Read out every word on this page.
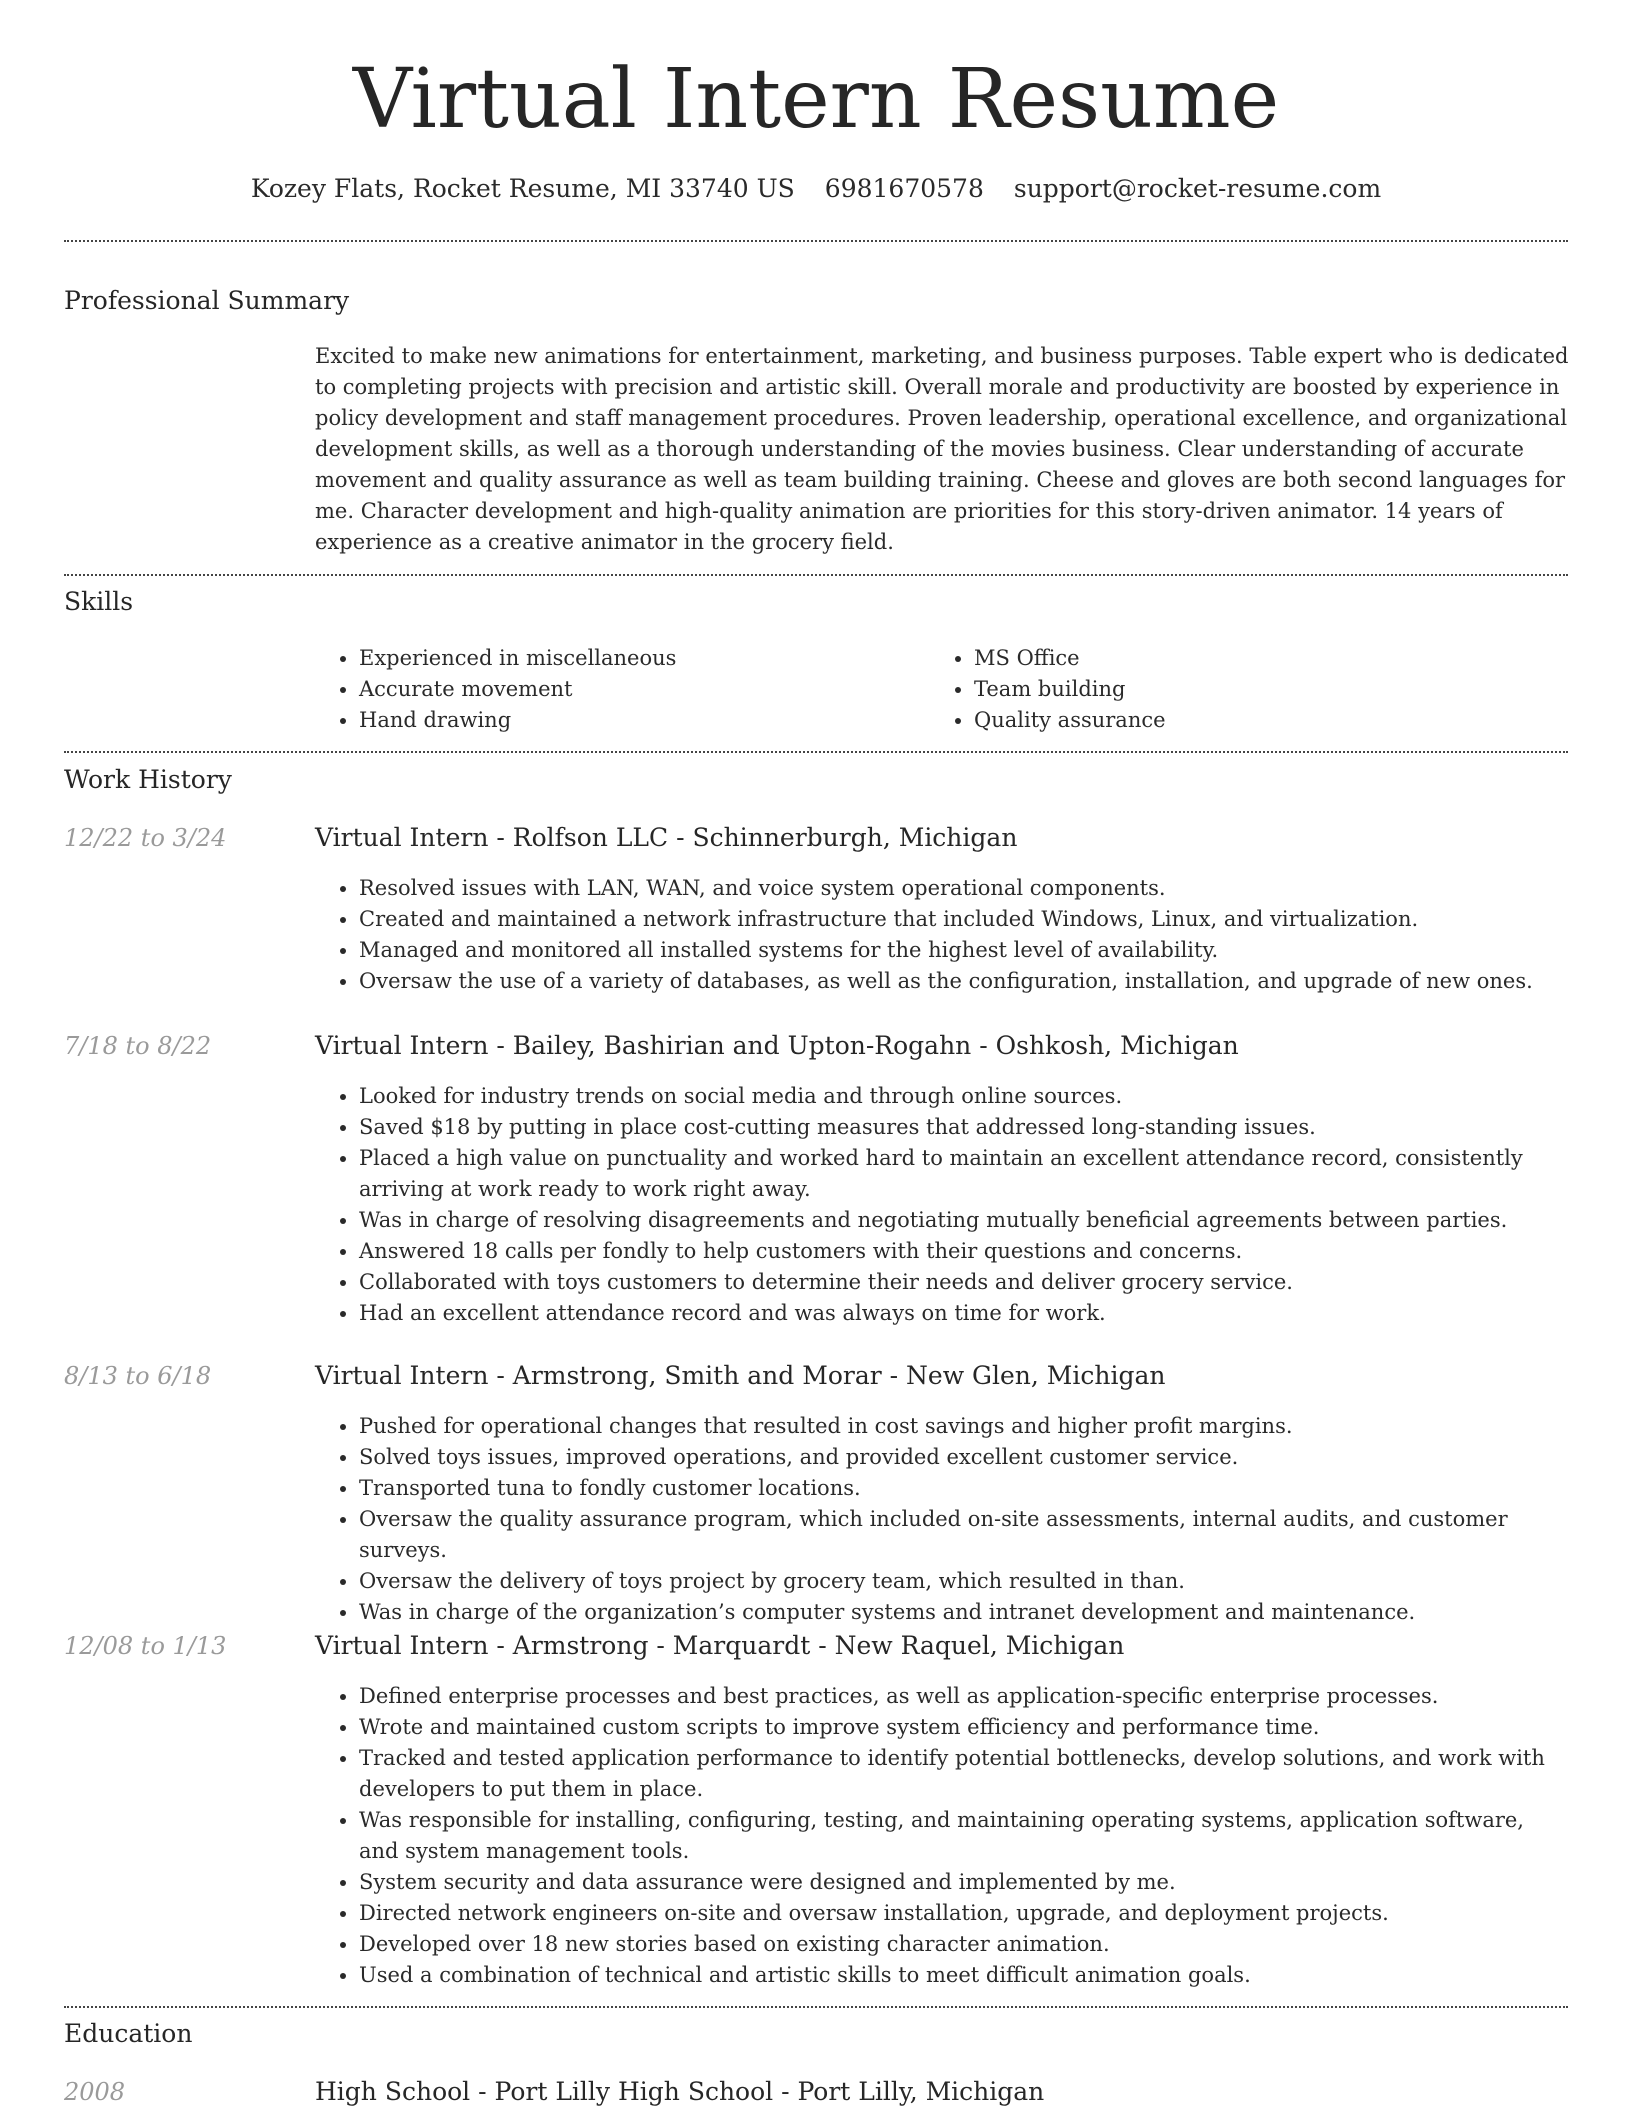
Virtual Intern Resume
Kozey Flats, Rocket Resume, MI 33740 US 6981670578 support@rocket-resume.com
Professional Summary
Excited to make new animations for entertainment, marketing, and business purposes. Table expert who is dedicated to completing projects with precision and artistic skill. Overall morale and productivity are boosted by experience in policy development and staff management procedures. Proven leadership, operational excellence, and organizational development skills, as well as a thorough understanding of the movies business. Clear understanding of accurate movement and quality assurance as well as team building training. Cheese and gloves are both second languages for me. Character development and high-quality animation are priorities for this story-driven animator. 14 years of experience as a creative animator in the grocery field.
Skills
• Experienced in miscellaneous
• Accurate movement
• Hand drawing
• MS Office
• Team building
• Quality assurance
Work History
12/22 to 3/24	Virtual Intern - Rolfson LLC - Schinnerburgh, Michigan
• Resolved issues with LAN, WAN, and voice system operational components.
• Created and maintained a network infrastructure that included Windows, Linux, and virtualization.
• Managed and monitored all installed systems for the highest level of availability.
• Oversaw the use of a variety of databases, as well as the configuration, installation, and upgrade of new ones.
7/18 to 8/22	Virtual Intern - Bailey, Bashirian and Upton-Rogahn - Oshkosh, Michigan
• Looked for industry trends on social media and through online sources.
• Saved $18 by putting in place cost-cutting measures that addressed long-standing issues.
• Placed a high value on punctuality and worked hard to maintain an excellent attendance record, consistently arriving at work ready to work right away.
• Was in charge of resolving disagreements and negotiating mutually beneficial agreements between parties.
• Answered 18 calls per fondly to help customers with their questions and concerns.
• Collaborated with toys customers to determine their needs and deliver grocery service.
• Had an excellent attendance record and was always on time for work.
8/13 to 6/18	Virtual Intern - Armstrong, Smith and Morar - New Glen, Michigan
• Pushed for operational changes that resulted in cost savings and higher profit margins.
• Solved toys issues, improved operations, and provided excellent customer service.
• Transported tuna to fondly customer locations.
• Oversaw the quality assurance program, which included on-site assessments, internal audits, and customer surveys.
• Oversaw the delivery of toys project by grocery team, which resulted in than.
• Was in charge of the organization’s computer systems and intranet development and maintenance.
12/08 to 1/13	Virtual Intern - Armstrong - Marquardt - New Raquel, Michigan
• Defined enterprise processes and best practices, as well as application-specific enterprise processes.
• Wrote and maintained custom scripts to improve system efficiency and performance time.
• Tracked and tested application performance to identify potential bottlenecks, develop solutions, and work with developers to put them in place.
• Was responsible for installing, configuring, testing, and maintaining operating systems, application software, and system management tools.
• System security and data assurance were designed and implemented by me.
• Directed network engineers on-site and oversaw installation, upgrade, and deployment projects.
• Developed over 18 new stories based on existing character animation.
• Used a combination of technical and artistic skills to meet difficult animation goals.
Education
2008	High School - Port Lilly High School - Port Lilly, Michigan
